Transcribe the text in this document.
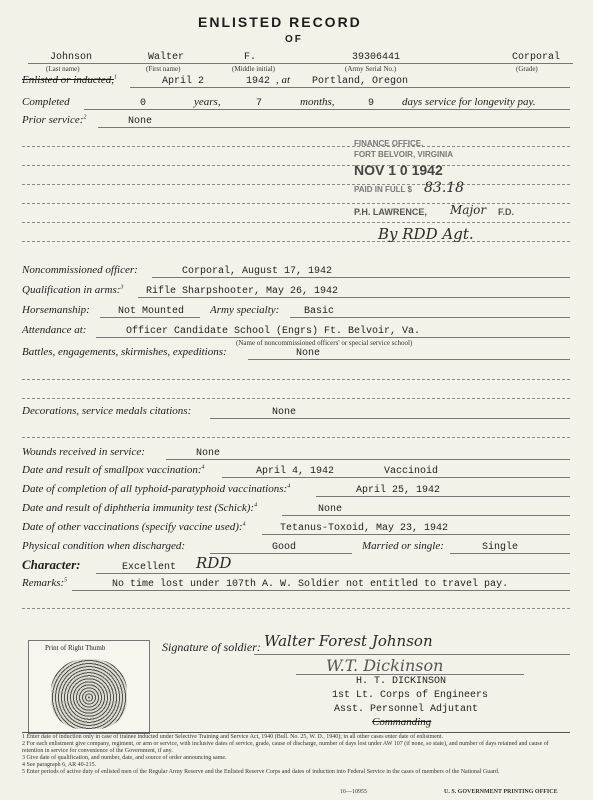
ENLISTED RECORD
OF
Johnson	Walter	F.	39306441	Corporal
(Last name)	(First name)	(Middle initial)	(Army Serial No.)	(Grade)
Enlisted or inducted,$^1$	April 2	1942 , at Portland, Oregon
Completed	0	years,	7	months,	9	days service for longevity pay.
Prior service:$^2$	None
FINANCE OFFICE,
FORT BELVOIR, VIRGINIA
NOV 1 0 1942
PAID IN FULL $ 83.18
P.H. LAWRENCE, Major F.D.
By RDD Agt.
Noncommissioned officer:	Corporal, August 17, 1942
Qualification in arms:$^3$ Rifle Sharpshooter, May 26, 1942
Horsemanship:	Not Mounted Army specialty: Basic
Attendance at:	Officer Candidate School (Engrs) Ft. Belvoir, Va.
(Name of noncommissioned officers' or special service school)
Battles, engagements, skirmishes, expeditions:	None
Decorations, service medals citations:	None
Wounds received in service:	None
Date and result of smallpox vaccination:$^4$	April 4, 1942	Vaccinoid
Date of completion of all typhoid-paratyphoid vaccinations:$^4$	April 25, 1942
Date and result of diphtheria immunity test (Schick):$^4$	None
Date of other vaccinations (specify vaccine used):$^4$	Tetanus-Toxoid, May 23, 1942
Physical condition when discharged:	Good	Married or single:	Single
Character:	Excellent RDD
Remarks:$^5$	No time lost under 107th A. W. Soldier not entitled to travel pay.
Print of Right Thumb	Signature of soldier: Walter Forest Johnson
W.T. Dickinson
H. T. DICKINSON
1st Lt. Corps of Engineers
Asst. Personnel Adjutant
Commanding
1 Enter date of induction only in case of trainee inducted under Selective Training and Service Act, 1940 (Bull. No. 25, W. D., 1940); in all other cases enter date of enlistment.
2 For each enlistment give company, regiment, or arm or service, with inclusive dates of service, grade, cause of discharge, number of days lost under AW 107 (if none, so state), and number of days retained and cause of retention in service for convenience of the Government, if any.
3 Give date of qualification, and number, date, and source of order announcing same.
4 See paragraph 6, AR 40-215.
5 Enter periods of active duty of enlisted men of the Regular Army Reserve and the Enlisted Reserve Corps and dates of induction into Federal Service in the cases of members of the National Guard.
16—10955	U. S. GOVERNMENT PRINTING OFFICE
